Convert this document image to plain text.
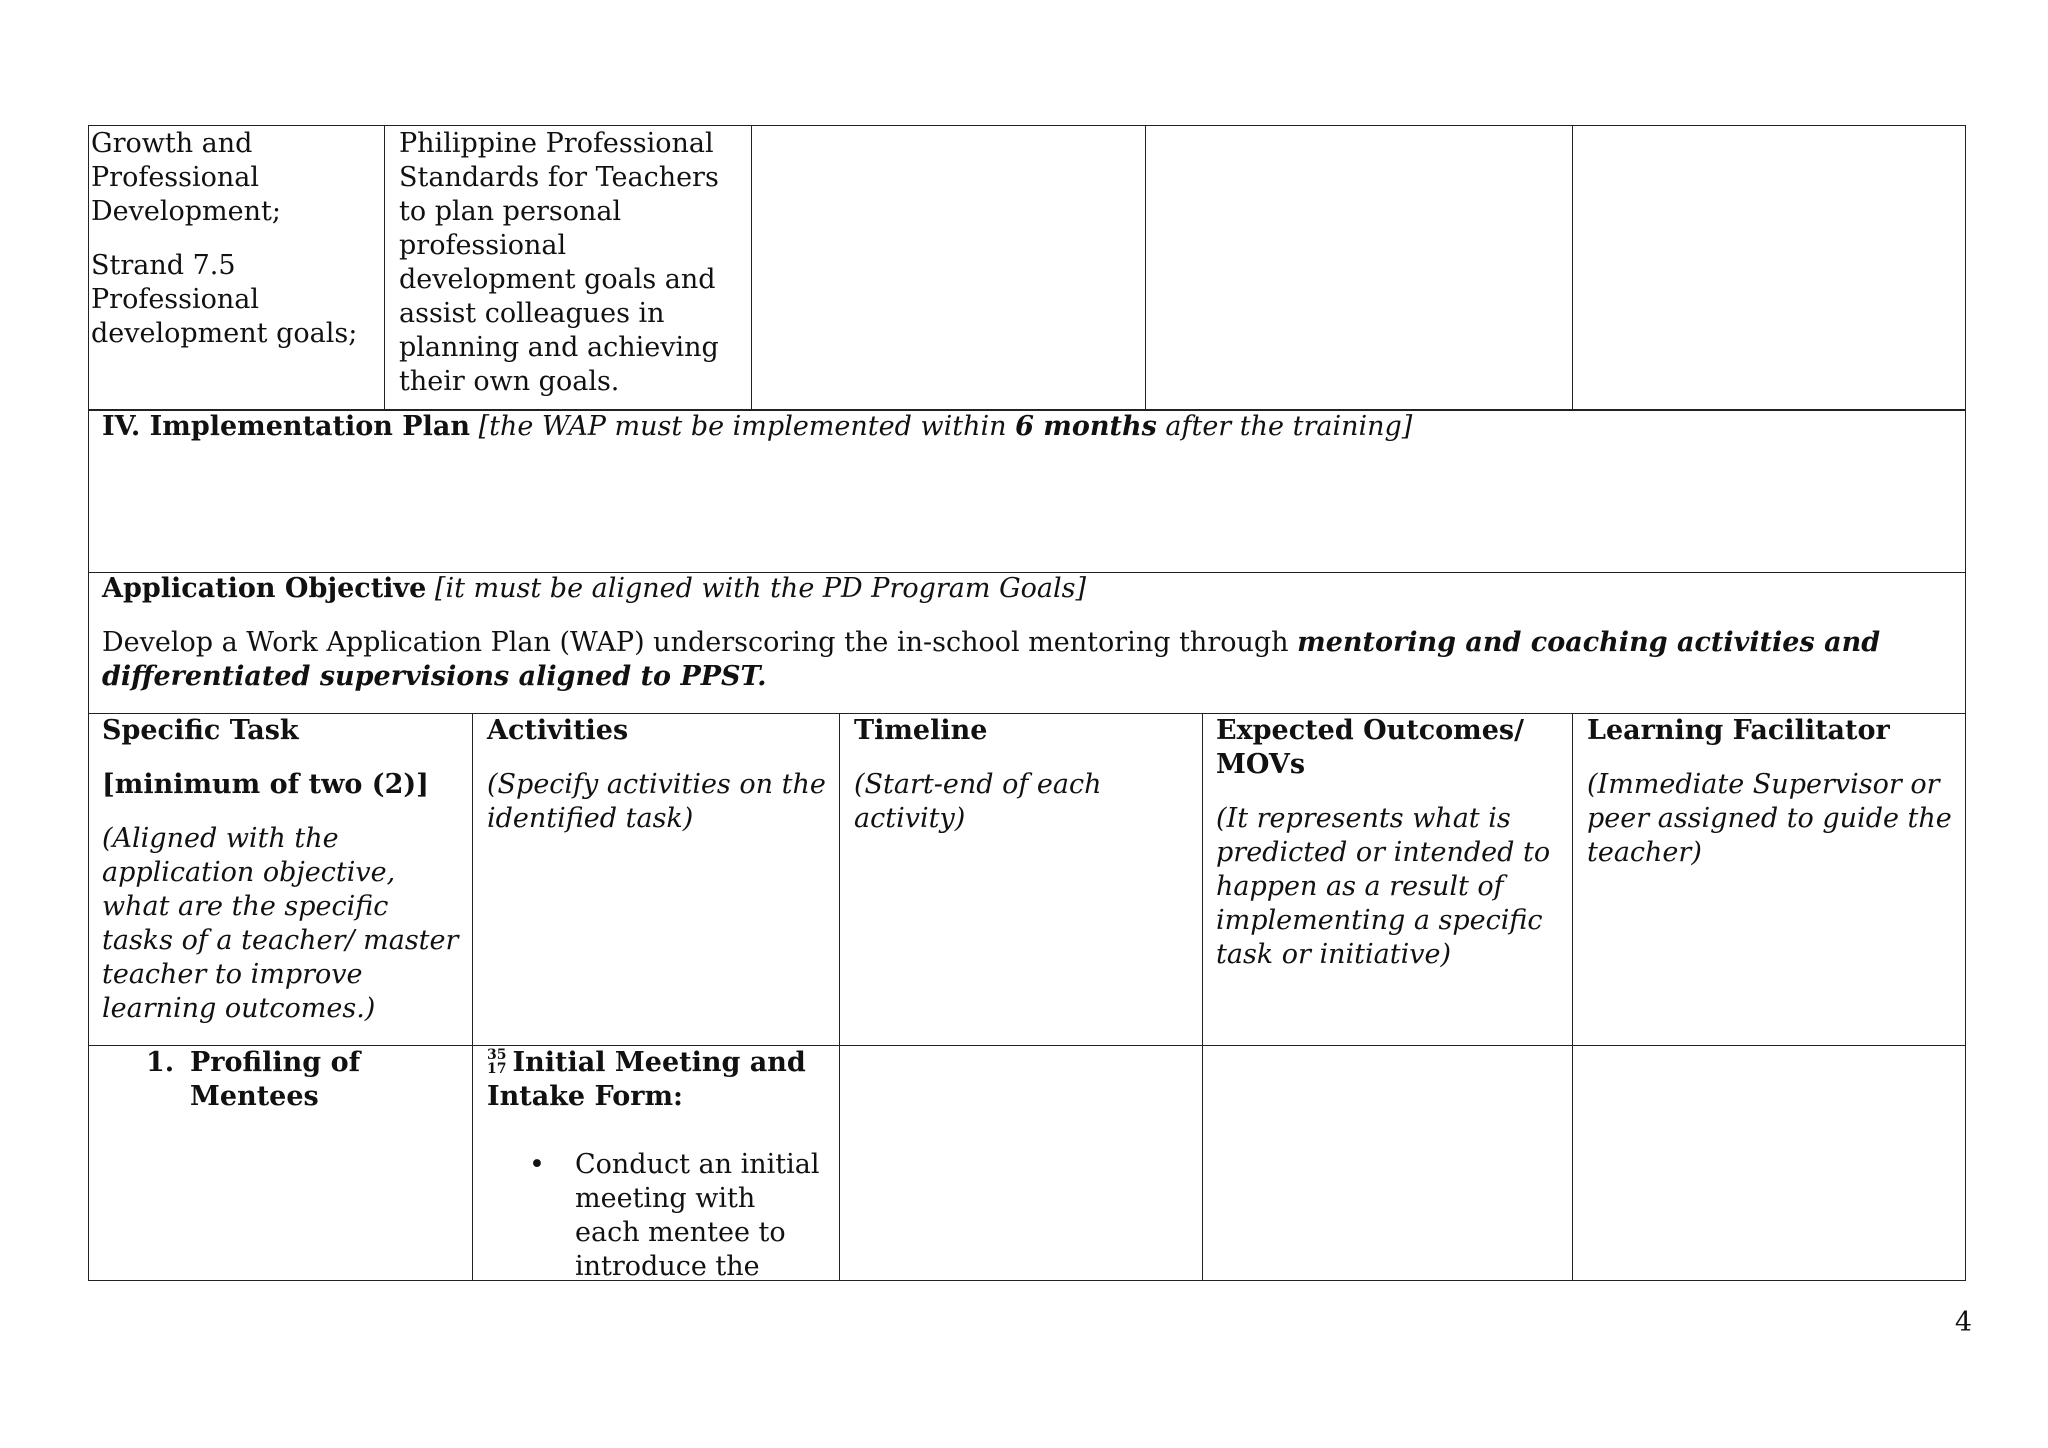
Growth and Professional Development;

Strand 7.5 Professional development goals;

Philippine Professional Standards for Teachers to plan personal professional development goals and assist colleagues in planning and achieving their own goals.

IV. Implementation Plan [the WAP must be implemented within 6 months after the training]

Application Objective [it must be aligned with the PD Program Goals]

Develop a Work Application Plan (WAP) underscoring the in-school mentoring through mentoring and coaching activities and differentiated supervisions aligned to PPST.

Specific Task

[minimum of two (2)]

(Aligned with the application objective, what are the specific tasks of a teacher/ master teacher to improve learning outcomes.)

Activities

(Specify activities on the identified task)

Timeline

(Start-end of each activity)

Expected Outcomes/ MOVs

(It represents what is predicted or intended to happen as a result of implementing a specific task or initiative)

Learning Facilitator

(Immediate Supervisor or peer assigned to guide the teacher)

1. Profiling of Mentees

35
17 Initial Meeting and Intake Form:

• Conduct an initial meeting with each mentee to introduce the
4
